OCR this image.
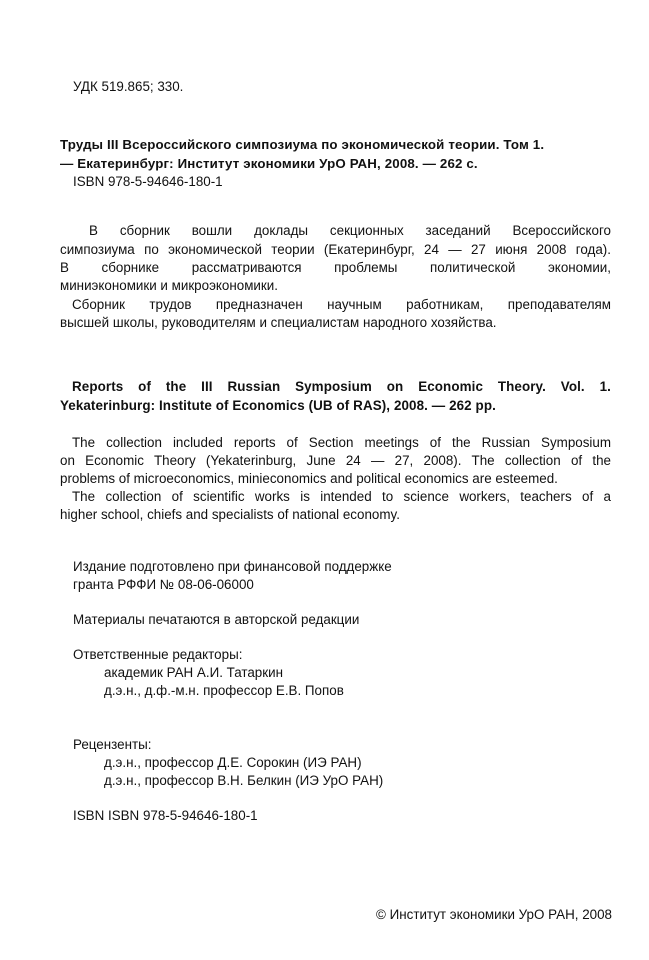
УДК 519.865; 330.
Труды III Всероссийского симпозиума по экономической теории. Том 1.
— Екатеринбург: Институт экономики УрО РАН, 2008. — 262 с.
ISBN 978-5-94646-180-1
В сборник вошли доклады секционных заседаний Всероссийского
симпозиума по экономической теории (Екатеринбург, 24 — 27 июня 2008 года).
В сборнике рассматриваются проблемы политической экономии,
миниэкономики и микроэкономики.
Сборник трудов предназначен научным работникам, преподавателям
высшей школы, руководителям и специалистам народного хозяйства.
Reports of the III Russian Symposium on Economic Theory. Vol. 1.
Yekaterinburg: Institute of Economics (UB of RAS), 2008. — 262 pp.
The collection included reports of Section meetings of the Russian Symposium
on Economic Theory (Yekaterinburg, June 24 — 27, 2008). The collection of the
problems of microeconomics, minieconomics and political economics are esteemed.
The collection of scientific works is intended to science workers, teachers of a
higher school, chiefs and specialists of national economy.
Издание подготовлено при финансовой поддержке
гранта РФФИ № 08-06-06000
Материалы печатаются в авторской редакции
Ответственные редакторы:
академик РАН А.И. Татаркин
д.э.н., д.ф.-м.н. профессор Е.В. Попов
Рецензенты:
д.э.н., профессор Д.Е. Сорокин (ИЭ РАН)
д.э.н., профессор В.Н. Белкин (ИЭ УрО РАН)
ISBN ISBN 978-5-94646-180-1
© Институт экономики УрО РАН, 2008
